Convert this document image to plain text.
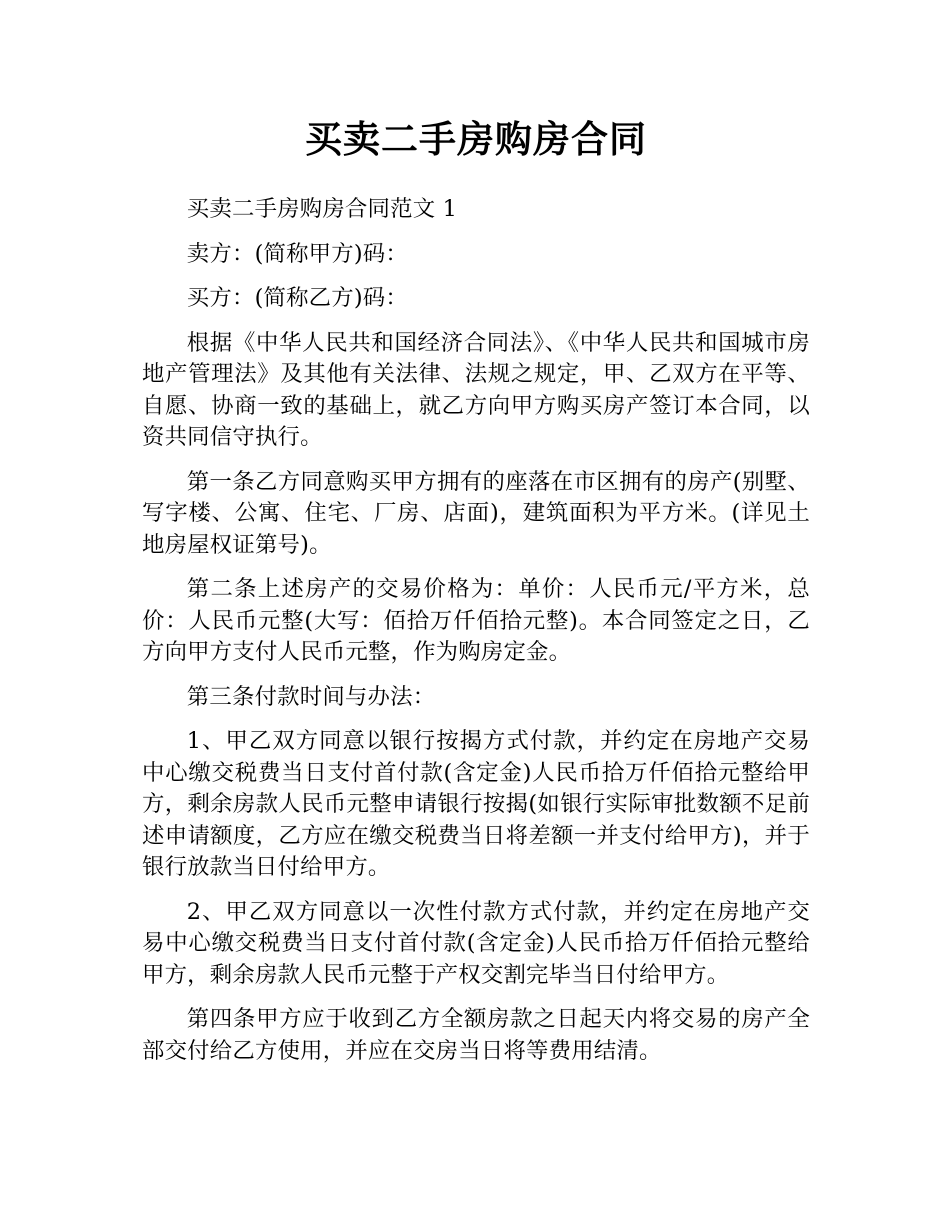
买卖二手房购房合同

买卖二手房购房合同范文 1

卖方：(简称甲方)码：

买方：(简称乙方)码：

根据《中华人民共和国经济合同法》、《中华人民共和国城市房地产管理法》及其他有关法律、法规之规定，甲、乙双方在平等、自愿、协商一致的基础上，就乙方向甲方购买房产签订本合同，以资共同信守执行。

第一条乙方同意购买甲方拥有的座落在市区拥有的房产(别墅、写字楼、公寓、住宅、厂房、店面)，建筑面积为平方米。(详见土地房屋权证第号)。

第二条上述房产的交易价格为：单价：人民币元/平方米，总价：人民币元整(大写：佰拾万仟佰拾元整)。本合同签定之日，乙方向甲方支付人民币元整，作为购房定金。

第三条付款时间与办法：

1、甲乙双方同意以银行按揭方式付款，并约定在房地产交易中心缴交税费当日支付首付款(含定金)人民币拾万仟佰拾元整给甲方，剩余房款人民币元整申请银行按揭(如银行实际审批数额不足前述申请额度，乙方应在缴交税费当日将差额一并支付给甲方)，并于银行放款当日付给甲方。

2、甲乙双方同意以一次性付款方式付款，并约定在房地产交易中心缴交税费当日支付首付款(含定金)人民币拾万仟佰拾元整给甲方，剩余房款人民币元整于产权交割完毕当日付给甲方。

第四条甲方应于收到乙方全额房款之日起天内将交易的房产全部交付给乙方使用，并应在交房当日将等费用结清。
